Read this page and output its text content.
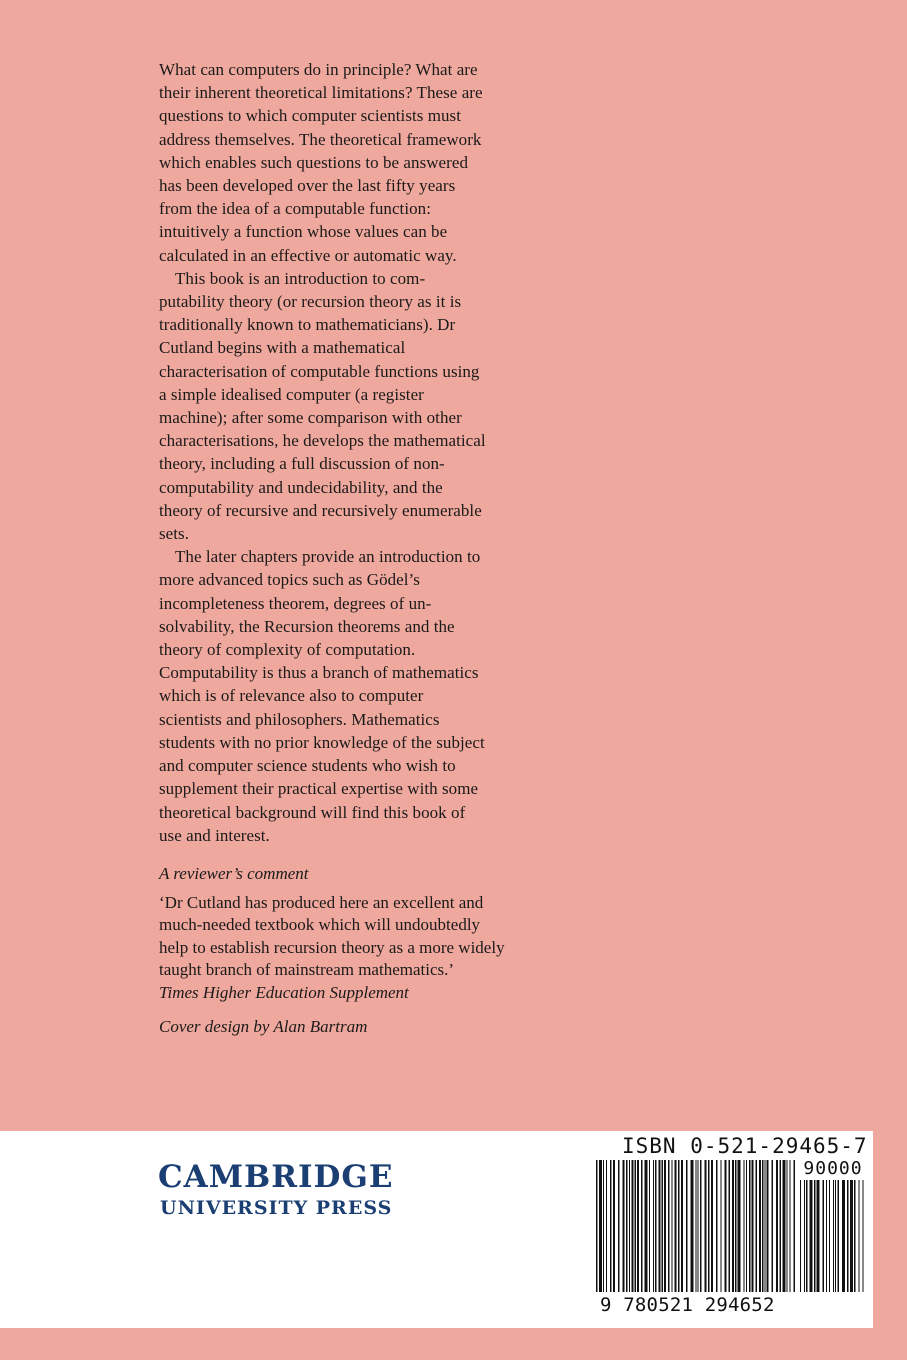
What can computers do in principle? What are
their inherent theoretical limitations? These are
questions to which computer scientists must
address themselves. The theoretical framework
which enables such questions to be answered
has been developed over the last fifty years
from the idea of a computable function:
intuitively a function whose values can be
calculated in an effective or automatic way.

This book is an introduction to com-
putability theory (or recursion theory as it is
traditionally known to mathematicians). Dr
Cutland begins with a mathematical
characterisation of computable functions using
a simple idealised computer (a register
machine); after some comparison with other
characterisations, he develops the mathematical
theory, including a full discussion of non-
computability and undecidability, and the
theory of recursive and recursively enumerable
sets.

The later chapters provide an introduction to
more advanced topics such as Gödel’s
incompleteness theorem, degrees of un-
solvability, the Recursion theorems and the
theory of complexity of computation.
Computability is thus a branch of mathematics
which is of relevance also to computer
scientists and philosophers. Mathematics
students with no prior knowledge of the subject
and computer science students who wish to
supplement their practical expertise with some
theoretical background will find this book of
use and interest.

A reviewer’s comment
‘Dr Cutland has produced here an excellent and
much-needed textbook which will undoubtedly
help to establish recursion theory as a more widely
taught branch of mainstream mathematics.’
Times Higher Education Supplement
Cover design by Alan Bartram
CAMBRIDGE
UNIVERSITY PRESS
ISBN 0-521-29465-7
90000
9 780521 294652
